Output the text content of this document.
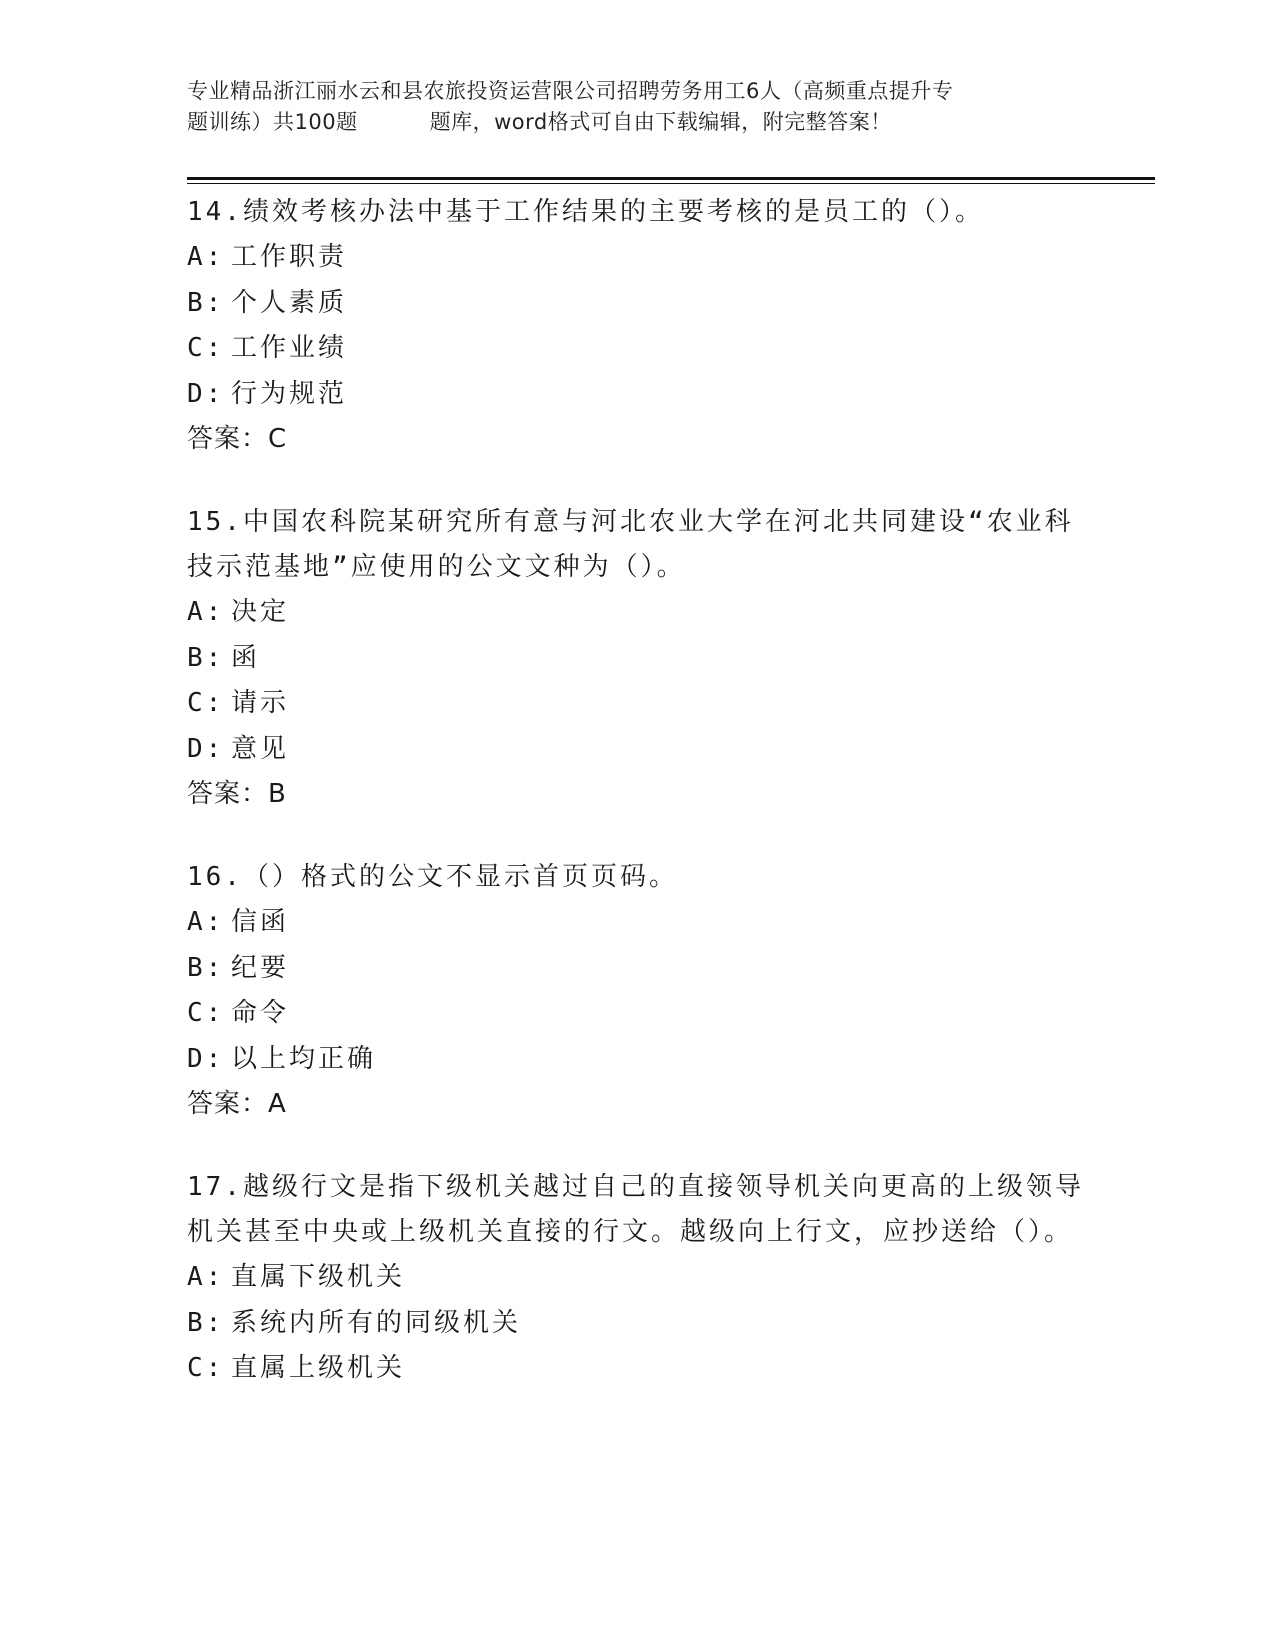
专业精品浙江丽水云和县农旅投资运营限公司招聘劳务用工6人（高频重点提升专
题训练）共100题	题库，word格式可自由下载编辑，附完整答案！

14.绩效考核办法中基于工作结果的主要考核的是员工的（）。

A: 工作职责

B: 个人素质

C: 工作业绩

D: 行为规范

答案：C

15.中国农科院某研究所有意与河北农业大学在河北共同建设“农业科技示范基地”应使用的公文文种为（）。

A: 决定

B: 函

C: 请示

D: 意见

答案：B

16.（）格式的公文不显示首页页码。

A: 信函

B: 纪要

C: 命令

D: 以上均正确

答案：A

17.越级行文是指下级机关越过自己的直接领导机关向更高的上级领导机关甚至中央或上级机关直接的行文。越级向上行文，应抄送给（）。

A: 直属下级机关

B: 系统内所有的同级机关

C: 直属上级机关
